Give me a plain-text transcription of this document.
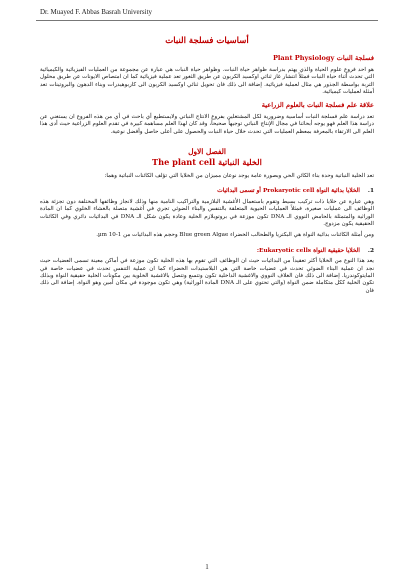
Dr. Muayed F. Abbas Basrah University
أساسيات فسلجة النبات
فسلجة النبات Plant Physiology

هو احد فروع علوم الحياة والذي يهتم بدراسة ظواهر حياة النبات. وظواهر حياة النبات هي عبارة عن مجموعة من العمليات الفيزيائية والكيميائية التي تحدث أثناء حياة النبات فمثلاً انتشار غاز ثنائي اوكسيد الكربون عن طريق الثغور تعد عملية فيزيائية كما ان امتصاص الايونات عن طريق محلول التربة بواسطة الجذور هي مثال لعملية فيزيائية. إضافة الى ذلك فان تحويل ثنائي اوكسيد الكربون الى كاربوهيدرات وبناء الدهون والبروتينات تعد أمثلة لعمليات كيميائية.

علاقة علم فسلجة النبات بالعلوم الزراعية

تعد دراسة علم فسلجة النبات أساسية وضرورية لكل المشتغلين بفروع الانتاج النباتي ولايستطيع أي باحث في أي من هذه الفروع ان يستغني عن دراسة هذا العلم فهو يوجه أبحاثنا في مجال الإنتاج النباتي توجيهاً صحيحاً، وقد كان لهذا العلم مساهمة كبيرة في تقدم العلوم الزراعية حيث أدى هذا العلم الى الارتقاء بالمعرفة بمعظم العمليات التي تحدث خلال حياة النبات والحصول على أعلى حاصل وأفضل نوعية.

الفصل الاول
الخلية النباتية The plant cell

تعد الخلية النباتية وحدة بناء الكائن الحي وبصورة عامة يوجد نوعان مميزان من الخلايا التي تؤلف الكائنات النباتية وهما:

1. الخلايا بدائية النواة Prokaryotic cell أو تسمى البدائيات

وهي عبارة عن خلايا ذات تركيب بسيط وتقوم باستعمال الأغشية البلازمية والتراكيب النامية منها وذلك لانجاز وظائفها المختلفة دون تجزئة هذه الوظائف الى عمليات صغيرة، فمثلاً العمليات الحيوية المتعلقة بالتنفس والبناء الضوئي تجري في أغشية متصلة بالغشاء الخلوي كما ان المادة الوراثية والمتمثلة بالحامض النووي الـ DNA تكون موزعة في بروتوبلازم الخلية وعادة يكون شكل الـ DNA في البدائيات دائري وفي الكائنات الحقيقية يكون مزدوج.

ومن أمثلة الكائنات بدائية النواة هي البكتريا والطحالب الخضراء Blue green Algae وحجم هذه البدائيات من 1-10 µm.

2. الخلايا حقيقية النواة Eukaryotic cells:

يعد هذا النوع من الخلايا أكثر تعقيداً من البدائيات حيث ان الوظائف التي تقوم بها هذه الخلية تكون موزعة في أماكن معينة تسمى العضيات حيث نجد ان عملية البناء الضوئي تحدث في عضيات خاصة التي هي البلاستيدات الخضراء كما ان عملية التنفس تحدث في عضيات خاصة في المايتوكوندريا. إضافة الى ذلك فان الغلاف النووي والاغشية الداخلية تكون وتتسع وتتصل بالاغشية الخلوية بين مكونات الخلية حقيقية النواة وبذلك تكون الخلية ككل متكاملة ضمن النواة (والتي تحتوي على الـ DNA المادة الوراثية) وهي تكون موجودة في مكان أمين وهو النواة. إضافة الى ذلك فان

1
